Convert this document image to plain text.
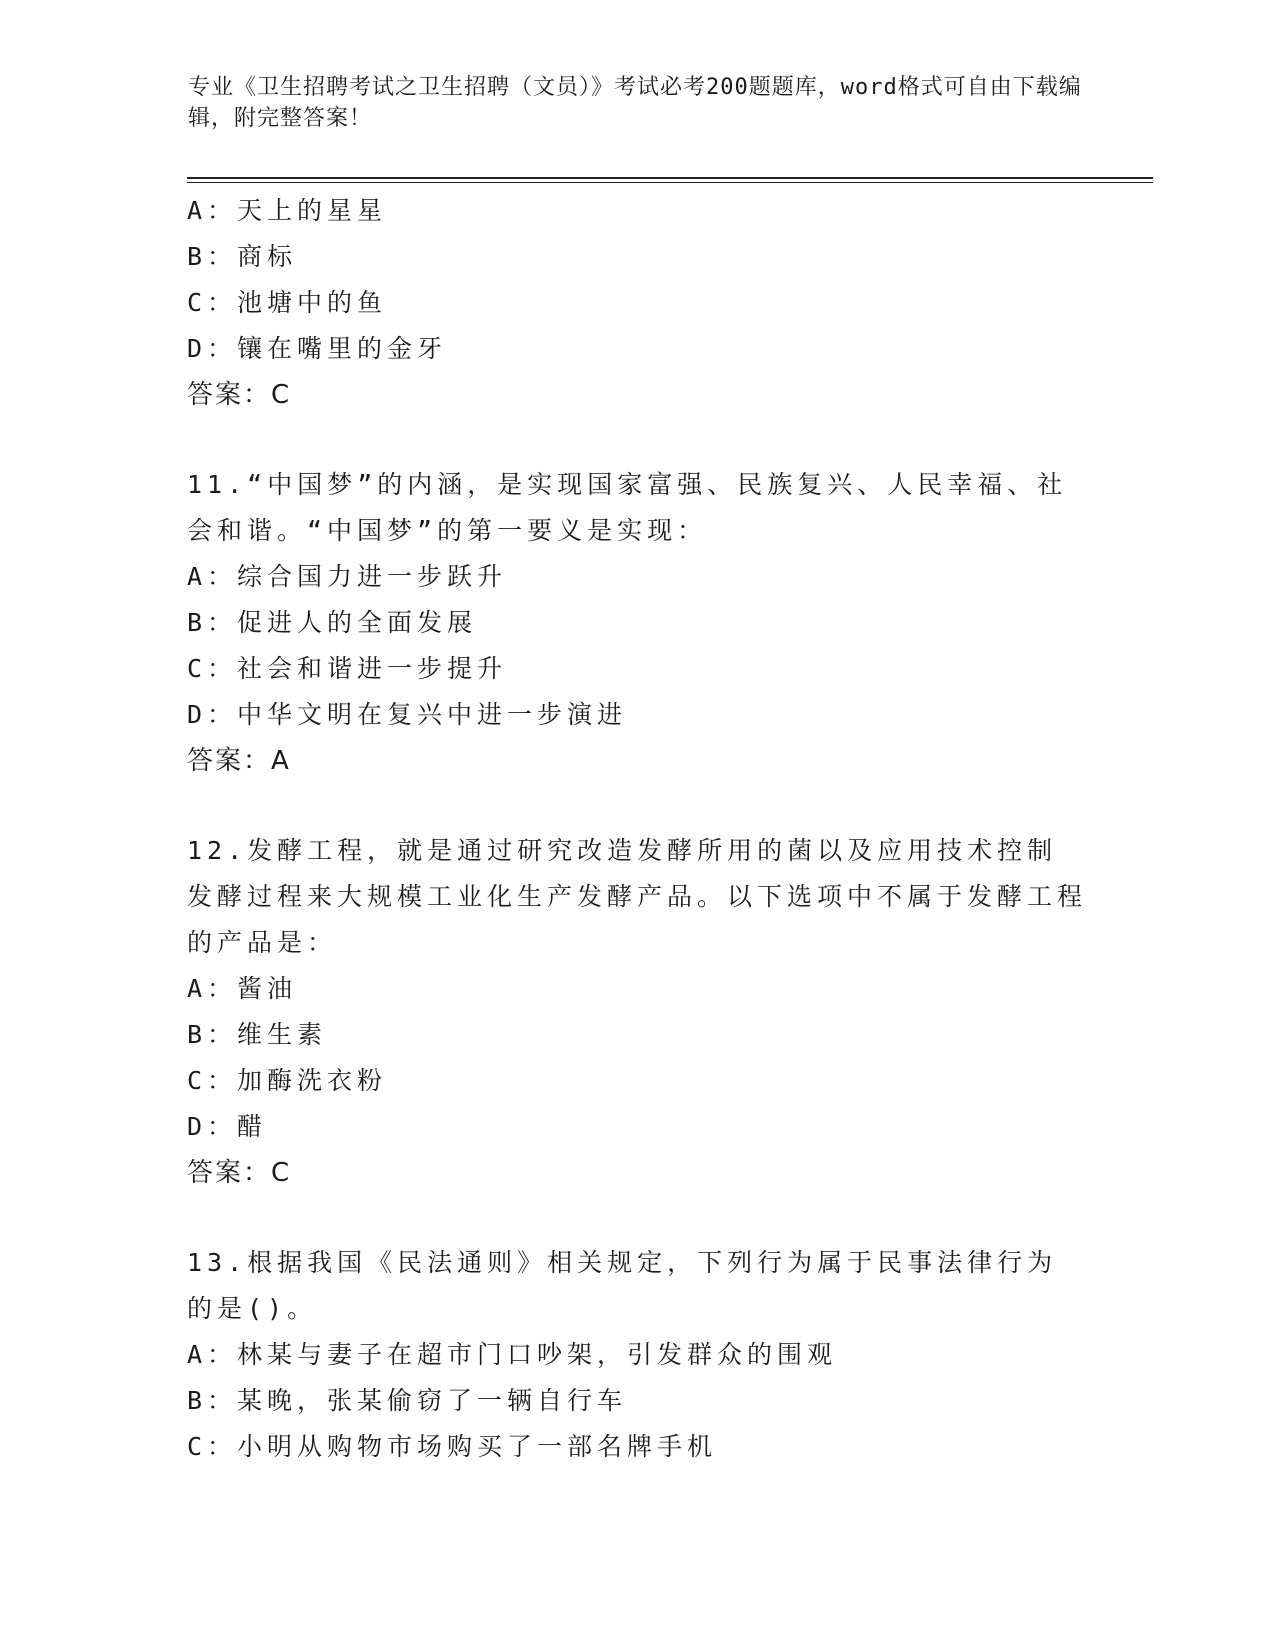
专业《卫生招聘考试之卫生招聘（文员）》考试必考200题题库，word格式可自由下载编辑，附完整答案！

A：天上的星星

B：商标

C：池塘中的鱼

D：镶在嘴里的金牙

答案：C

11.“中国梦”的内涵，是实现国家富强、民族复兴、人民幸福、社会和谐。“中国梦”的第一要义是实现：

A：综合国力进一步跃升

B：促进人的全面发展

C：社会和谐进一步提升

D：中华文明在复兴中进一步演进

答案：A

12.发酵工程，就是通过研究改造发酵所用的菌以及应用技术控制发酵过程来大规模工业化生产发酵产品。以下选项中不属于发酵工程的产品是：

A：酱油

B：维生素

C：加酶洗衣粉

D：醋

答案：C

13.根据我国《民法通则》相关规定，下列行为属于民事法律行为的是()。

A：林某与妻子在超市门口吵架，引发群众的围观

B：某晚，张某偷窃了一辆自行车

C：小明从购物市场购买了一部名牌手机
